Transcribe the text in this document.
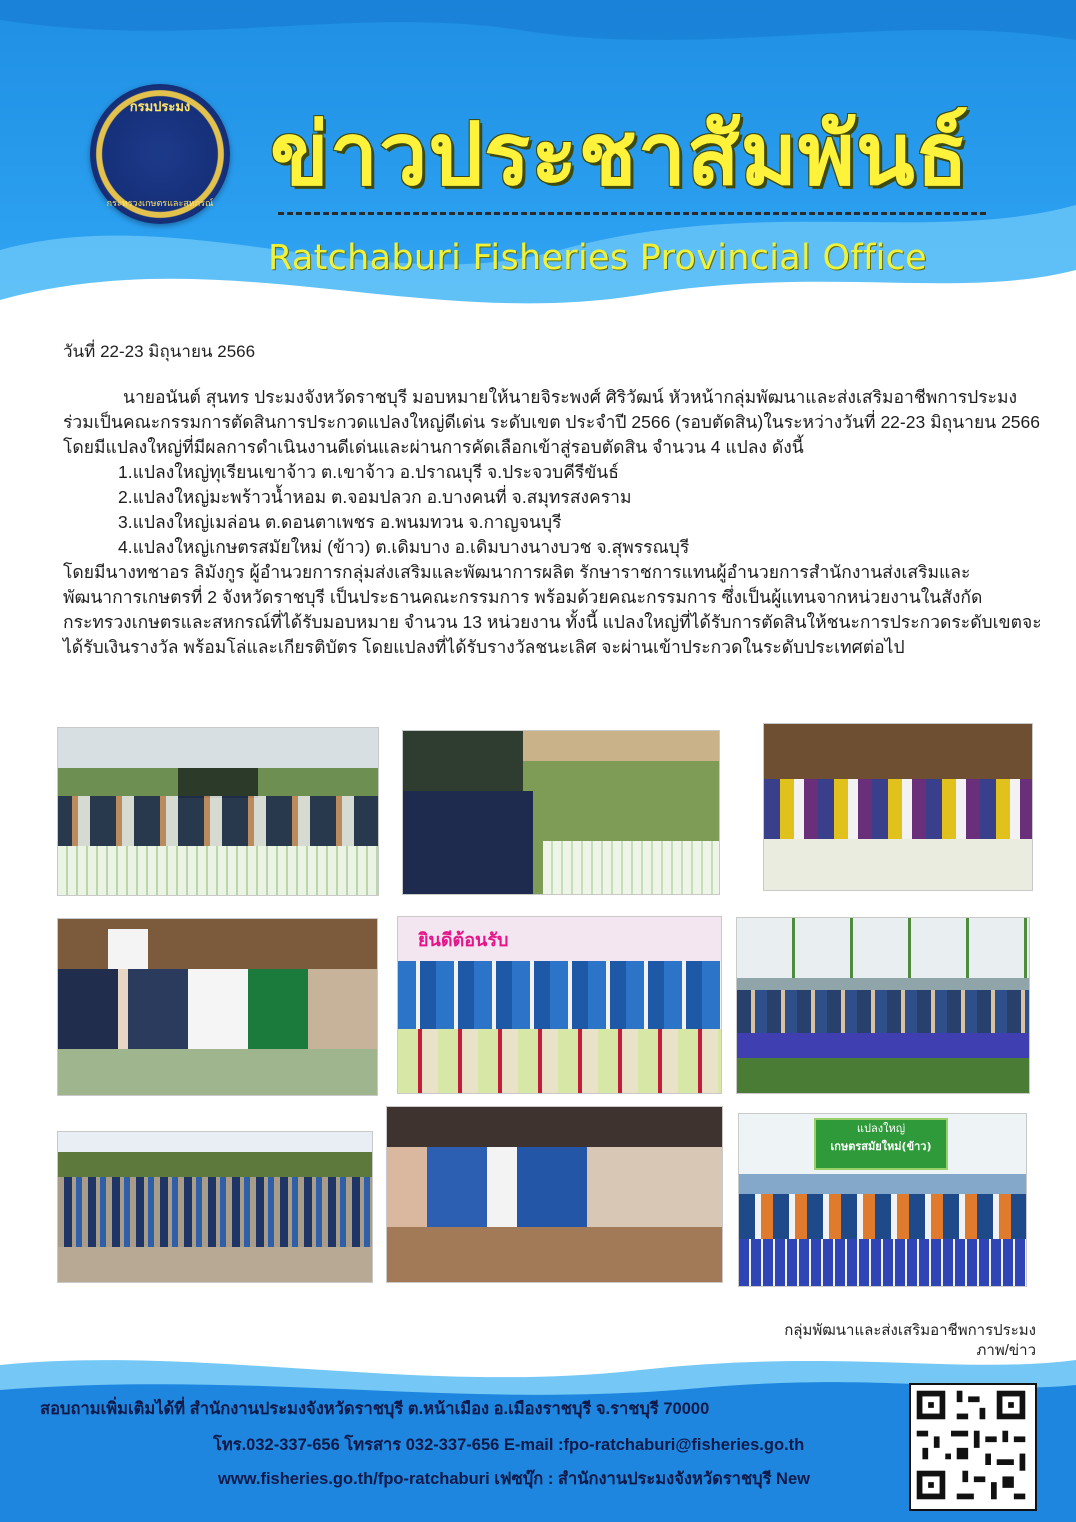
กรมประมง
กระทรวงเกษตรและสหกรณ์ ข่าวประชาสัมพันธ์
Ratchaburi Fisheries Provincial Office
วันที่ 22-23 มิถุนายน 2566

นายอนันต์ สุนทร ประมงจังหวัดราชบุรี มอบหมายให้นายจิระพงศ์ ศิริวัฒน์ หัวหน้ากลุ่มพัฒนาและส่งเสริมอาชีพการประมง ร่วมเป็นคณะกรรมการตัดสินการประกวดแปลงใหญ่ดีเด่น ระดับเขต ประจำปี 2566 (รอบตัดสิน)ในระหว่างวันที่ 22-23 มิถุนายน 2566 โดยมีแปลงใหญ่ที่มีผลการดำเนินงานดีเด่นและผ่านการคัดเลือกเข้าสู่รอบตัดสิน จำนวน 4 แปลง ดังนี้

1.แปลงใหญ่ทุเรียนเขาจ้าว ต.เขาจ้าว อ.ปราณบุรี จ.ประจวบคีรีขันธ์

2.แปลงใหญ่มะพร้าวน้ำหอม ต.จอมปลวก อ.บางคนที่ จ.สมุทรสงคราม

3.แปลงใหญ่เมล่อน ต.ดอนตาเพชร อ.พนมทวน จ.กาญจนบุรี

4.แปลงใหญ่เกษตรสมัยใหม่ (ข้าว) ต.เดิมบาง อ.เดิมบางนางบวช จ.สุพรรณบุรี

โดยมีนางทชาอร ลิมังกูร ผู้อำนวยการกลุ่มส่งเสริมและพัฒนาการผลิต รักษาราชการแทนผู้อำนวยการสำนักงานส่งเสริมและพัฒนาการเกษตรที่ 2 จังหวัดราชบุรี เป็นประธานคณะกรรมการ พร้อมด้วยคณะกรรมการ ซึ่งเป็นผู้แทนจากหน่วยงานในสังกัดกระทรวงเกษตรและสหกรณ์ที่ได้รับมอบหมาย จำนวน 13 หน่วยงาน ทั้งนี้ แปลงใหญ่ที่ได้รับการตัดสินให้ชนะการประกวดระดับเขตจะได้รับเงินรางวัล พร้อมโล่และเกียรติบัตร โดยแปลงที่ได้รับรางวัลชนะเลิศ จะผ่านเข้าประกวดในระดับประเทศต่อไป

ยินดีต้อนรับ
แปลงใหญ่
เกษตรสมัยใหม่(ข้าว)
กลุ่มพัฒนาและส่งเสริมอาชีพการประมง
ภาพ/ข่าว
สอบถามเพิ่มเติมได้ที่ สำนักงานประมงจังหวัดราชบุรี ต.หน้าเมือง อ.เมืองราชบุรี จ.ราชบุรี 70000
โทร.032-337-656 โทรสาร 032-337-656 E-mail :fpo-ratchaburi@fisheries.go.th
www.fisheries.go.th/fpo-ratchaburi เฟซบุ๊ก : สำนักงานประมงจังหวัดราชบุรี New
